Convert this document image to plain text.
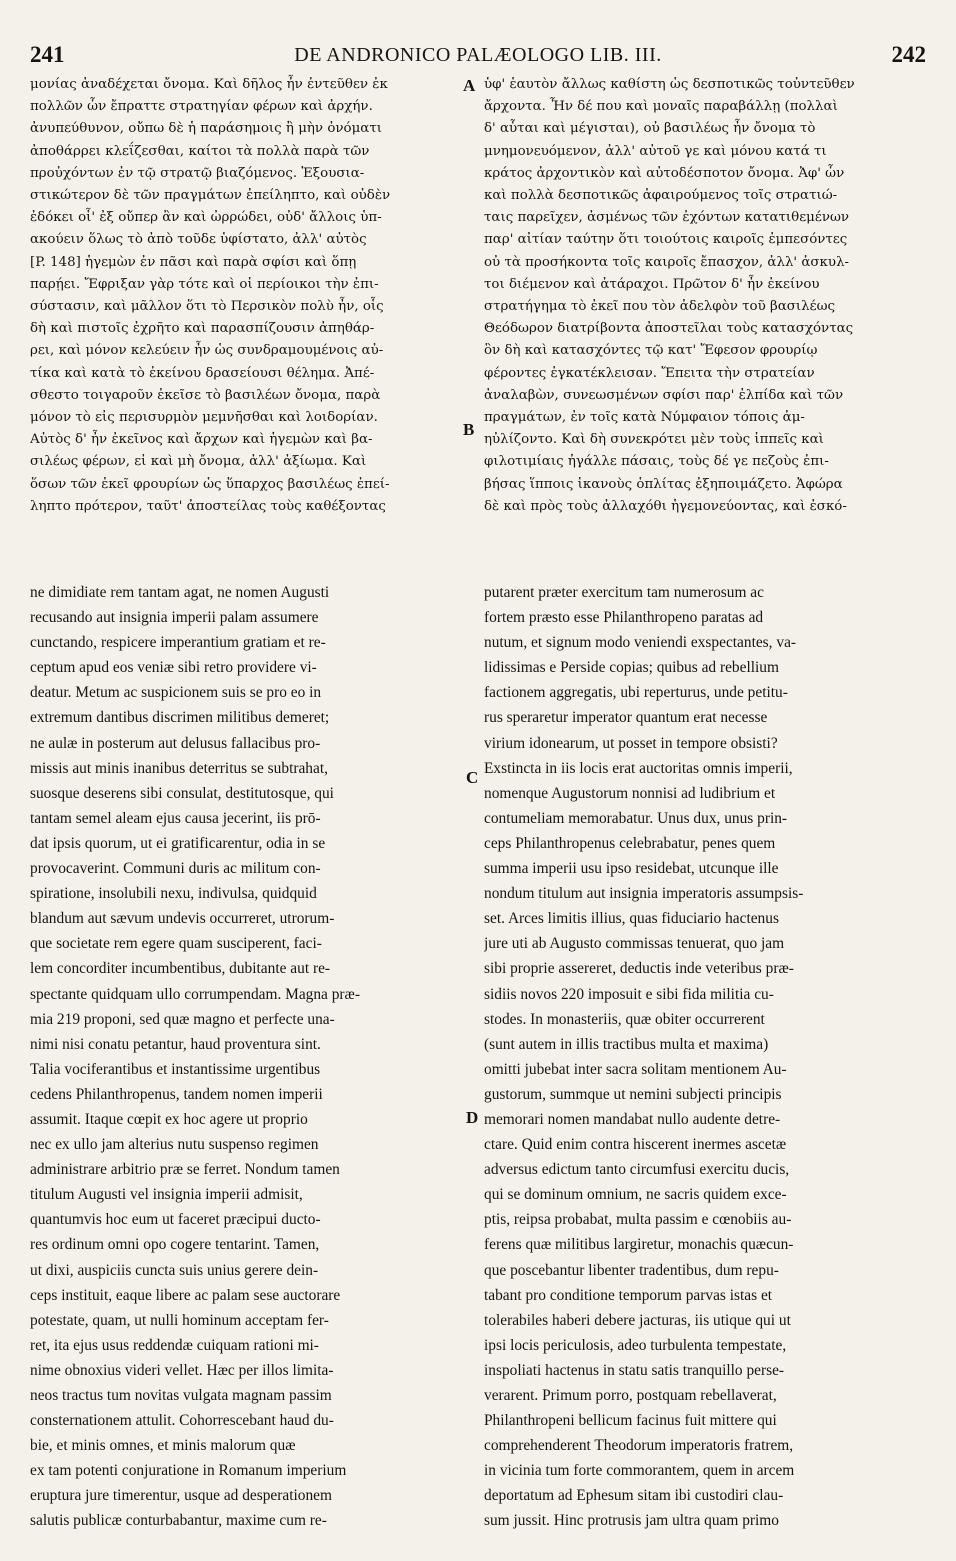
241	DE ANDRONICO PALÆOLOGO LIB. III.	242
A
B
C
D
μονίας ἀναδέχεται ὄνομα. Καὶ δῆλος ἦν ἐντεῦθεν ἐκ
πολλῶν ὧν ἔπραττε στρατηγίαν φέρων καὶ ἀρχήν.
ἀνυπεύθυνον, οὔπω δὲ ἡ παράσημοις ἢ μὴν ὀνόματι
ἀποθάρρει κλεΐζεσθαι, καίτοι τὰ πολλὰ παρὰ τῶν
προὐχόντων ἐν τῷ στρατῷ βιαζόμενος. Ἐξουσια-
στικώτερον δὲ τῶν πραγμάτων ἐπείληπτο, καὶ οὐδὲν
ἐδόκει οἷ' ἐξ οὔπερ ἂν καὶ ὠρρώδει, οὐδ' ἄλλοις ὑπ-
ακούειν ὅλως τὸ ἀπὸ τοῦδε ὑφίστατο, ἀλλ' αὐτὸς
[P. 148] ἡγεμὼν ἐν πᾶσι καὶ παρὰ σφίσι καὶ ὅπῃ
παρῄει. Ἔφριξαν γὰρ τότε καὶ οἱ περίοικοι τὴν ἐπι-
σύστασιν, καὶ μᾶλλον ὅτι τὸ Περσικὸν πολὺ ἦν, οἷς
δὴ καὶ πιστοῖς ἐχρῆτο καὶ παρασπίζουσιν ἀπηθάρ-
ρει, καὶ μόνον κελεύειν ἦν ὡς συνδραμουμένοις αὐ-
τίκα καὶ κατὰ τὸ ἐκείνου δρασείουσι θέλημα. Ἀπέ-
σθεστο τοιγαροῦν ἐκεῖσε τὸ βασιλέων ὄνομα, παρὰ
μόνον τὸ εἰς περισυρμὸν μεμνῆσθαι καὶ λοιδορίαν.
Αὐτὸς δ' ἦν ἐκεῖνος καὶ ἄρχων καὶ ἡγεμὼν καὶ βα-
σιλέως φέρων, εἰ καὶ μὴ ὄνομα, ἀλλ' ἀξίωμα. Καὶ
ὅσων τῶν ἐκεῖ φρουρίων ὡς ὕπαρχος βασιλέως ἐπεί-
ληπτο πρότερον, ταῦτ' ἀποστείλας τοὺς καθέξοντας
ὑφ' ἑαυτὸν ἄλλως καθίστη ὡς δεσποτικῶς τοὐντεῦθεν
ἄρχοντα. Ἦν δέ που καὶ μοναῖς παραβάλλῃ (πολλαὶ
δ' αὗται καὶ μέγισται), οὐ βασιλέως ἦν ὄνομα τὸ
μνημονευόμενον, ἀλλ' αὐτοῦ γε καὶ μόνου κατά τι
κράτος ἀρχοντικὸν καὶ αὐτοδέσποτον ὄνομα. Ἀφ' ὧν
καὶ πολλὰ δεσποτικῶς ἀφαιρούμενος τοῖς στρατιώ-
ταις παρεῖχεν, ἀσμένως τῶν ἐχόντων κατατιθεμένων
παρ' αἰτίαν ταύτην ὅτι τοιούτοις καιροῖς ἐμπεσόντες
οὐ τὰ προσήκοντα τοῖς καιροῖς ἔπασχον, ἀλλ' ἀσκυλ-
τοι διέμενον καὶ ἀτάραχοι. Πρῶτον δ' ἦν ἐκείνου
στρατήγημα τὸ ἐκεῖ που τὸν ἀδελφὸν τοῦ βασιλέως
Θεόδωρον διατρίβοντα ἀποστεῖλαι τοὺς κατασχόντας
ὃν δὴ καὶ κατασχόντες τῷ κατ' Ἔφεσον φρουρίῳ
φέροντες ἐγκατέκλεισαν. Ἔπειτα τὴν στρατείαν
ἀναλαβὼν, συνεωσμένων σφίσι παρ' ἐλπίδα καὶ τῶν
πραγμάτων, ἐν τοῖς κατὰ Νύμφαιον τόποις ἀμ-
ηὐλίζοντο. Καὶ δὴ συνεκρότει μὲν τοὺς ἱππεῖς καὶ
φιλοτιμίαις ἠγάλλε πάσαις, τοὺς δέ γε πεζοὺς ἐπι-
βήσας ἵπποις ἱκανοὺς ὁπλίτας ἐξηποιμάζετο. Ἀφώρα
δὲ καὶ πρὸς τοὺς ἀλλαχόθι ἡγεμονεύοντας, καὶ ἐσκό-
ne dimidiate rem tantam agat, ne nomen Augusti
recusando aut insignia imperii palam assumere
cunctando, respicere imperantium gratiam et re-
ceptum apud eos veniæ sibi retro providere vi-
deatur. Metum ac suspicionem suis se pro eo in
extremum dantibus discrimen militibus demeret;
ne aulæ in posterum aut delusus fallacibus pro-
missis aut minis inanibus deterritus se subtrahat,
suosque deserens sibi consulat, destitutosque, qui
tantam semel aleam ejus causa jecerint, iis prō-
dat ipsis quorum, ut ei gratificarentur, odia in se
provocaverint. Communi duris ac militum con-
spiratione, insolubili nexu, indivulsa, quidquid
blandum aut sævum undevis occurreret, utrorum-
que societate rem egere quam susciperent, faci-
lem concorditer incumbentibus, dubitante aut re-
spectante quidquam ullo corrumpendam. Magna præ-
mia 219 proponi, sed quæ magno et perfecte una-
nimi nisi conatu petantur, haud proventura sint.
Talia vociferantibus et instantissime urgentibus
cedens Philanthropenus, tandem nomen imperii
assumit. Itaque cœpit ex hoc agere ut proprio
nec ex ullo jam alterius nutu suspenso regimen
administrare arbitrio præ se ferret. Nondum tamen
titulum Augusti vel insignia imperii admisit,
quantumvis hoc eum ut faceret præcipui ducto-
res ordinum omni opo cogere tentarint. Tamen,
ut dixi, auspiciis cuncta suis unius gerere dein-
ceps instituit, eaque libere ac palam sese auctorare
potestate, quam, ut nulli hominum acceptam fer-
ret, ita ejus usus reddendæ cuiquam rationi mi-
nime obnoxius videri vellet. Hæc per illos limita-
neos tractus tum novitas vulgata magnam passim
consternationem attulit. Cohorrescebant haud du-
bie, et minis omnes, et minis malorum quæ
ex tam potenti conjuratione in Romanum imperium
eruptura jure timerentur, usque ad desperationem
salutis publicæ conturbabantur, maxime cum re-
putarent præter exercitum tam numerosum ac
fortem præsto esse Philanthropeno paratas ad
nutum, et signum modo veniendi exspectantes, va-
lidissimas e Perside copias; quibus ad rebellium
factionem aggregatis, ubi reperturus, unde petitu-
rus speraretur imperator quantum erat necesse
virium idonearum, ut posset in tempore obsisti?
Exstincta in iis locis erat auctoritas omnis imperii,
nomenque Augustorum nonnisi ad ludibrium et
contumeliam memorabatur. Unus dux, unus prin-
ceps Philanthropenus celebrabatur, penes quem
summa imperii usu ipso residebat, utcunque ille
nondum titulum aut insignia imperatoris assumpsis-
set. Arces limitis illius, quas fiduciario hactenus
jure uti ab Augusto commissas tenuerat, quo jam
sibi proprie assereret, deductis inde veteribus præ-
sidiis novos 220 imposuit e sibi fida militia cu-
stodes. In monasteriis, quæ obiter occurrerent
(sunt autem in illis tractibus multa et maxima)
omitti jubebat inter sacra solitam mentionem Au-
gustorum, summque ut nemini subjecti principis
memorari nomen mandabat nullo audente detre-
ctare. Quid enim contra hiscerent inermes ascetæ
adversus edictum tanto circumfusi exercitu ducis,
qui se dominum omnium, ne sacris quidem exce-
ptis, reipsa probabat, multa passim e cœnobiis au-
ferens quæ militibus largiretur, monachis quæcun-
que poscebantur libenter tradentibus, dum repu-
tabant pro conditione temporum parvas istas et
tolerabiles haberi debere jacturas, iis utique qui ut
ipsi locis periculosis, adeo turbulenta tempestate,
inspoliati hactenus in statu satis tranquillo perse-
verarent. Primum porro, postquam rebellaverat,
Philanthropeni bellicum facinus fuit mittere qui
comprehenderent Theodorum imperatoris fratrem,
in vicinia tum forte commorantem, quem in arcem
deportatum ad Ephesum sitam ibi custodiri clau-
sum jussit. Hinc protrusis jam ultra quam primo
